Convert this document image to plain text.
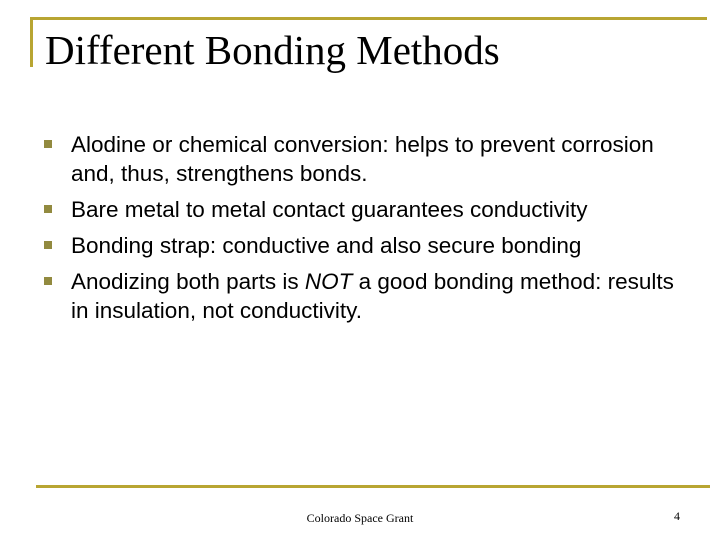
Different Bonding Methods
Alodine or chemical conversion: helps to prevent corrosion and, thus, strengthens bonds.
Bare metal to metal contact guarantees conductivity
Bonding strap: conductive and also secure bonding
Anodizing both parts is NOT a good bonding method: results in insulation, not conductivity.
Colorado Space Grant	4
